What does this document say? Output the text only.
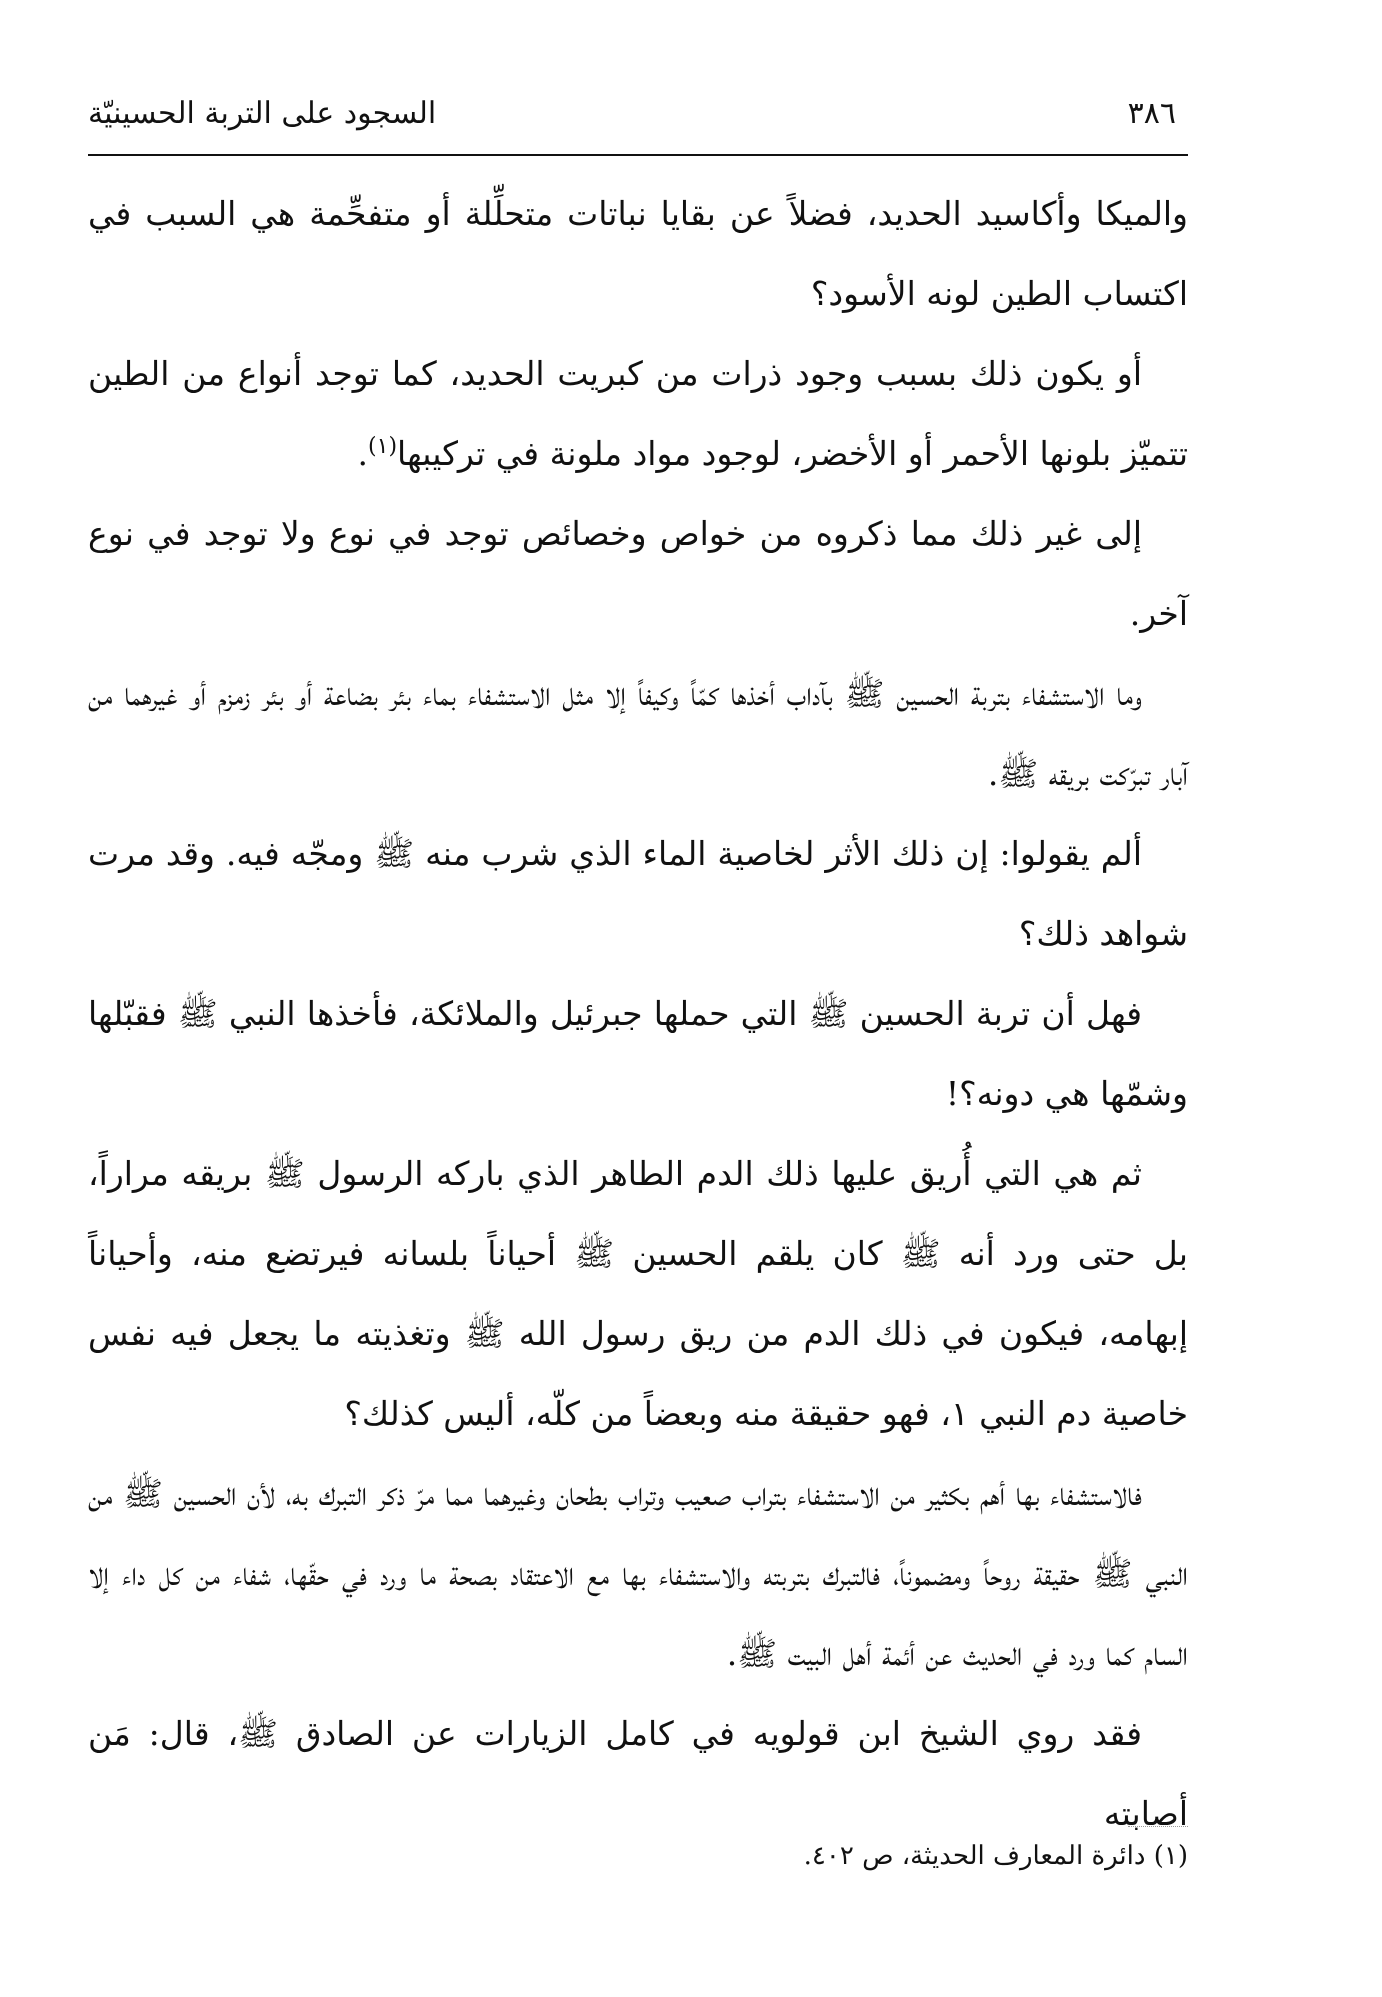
٣٨٦
السجود على التربة الحسينيّة

والميكا وأكاسيد الحديد، فضلاً عن بقايا نباتات متحلِّلة أو متفحِّمة هي السبب في اكتساب الطين لونه الأسود؟

أو يكون ذلك بسبب وجود ذرات من كبريت الحديد، كما توجد أنواع من الطين تتميّز بلونها الأحمر أو الأخضر، لوجود مواد ملونة في تركيبها$^{(١)}$.

إلى غير ذلك مما ذكروه من خواص وخصائص توجد في نوع ولا توجد في نوع آخر.

وما الاستشفاء بتربة الحسين ﷺ بآداب أخذها كمّاً وكيفاً إلا مثل الاستشفاء بماء بئر بضاعة أو بئر زمزم أو غيرهما من آبار تبرّكت بريقه ﷺ.

ألم يقولوا: إن ذلك الأثر لخاصية الماء الذي شرب منه ﷺ ومجّه فيه. وقد مرت شواهد ذلك؟

فهل أن تربة الحسين ﷺ التي حملها جبرئيل والملائكة، فأخذها النبي ﷺ فقبّلها وشمّها هي دونه؟!

ثم هي التي أُريق عليها ذلك الدم الطاهر الذي باركه الرسول ﷺ بريقه مراراً، بل حتى ورد أنه ﷺ كان يلقم الحسين ﷺ أحياناً بلسانه فيرتضع منه، وأحياناً إبهامه، فيكون في ذلك الدم من ريق رسول الله ﷺ وتغذيته ما يجعل فيه نفس خاصية دم النبي ١، فهو حقيقة منه وبعضاً من كلّه، أليس كذلك؟

فالاستشفاء بها أهم بكثير من الاستشفاء بتراب صعيب وتراب بطحان وغيرهما مما مرّ ذكر التبرك به، لأن الحسين ﷺ من النبي ﷺ حقيقة روحاً ومضموناً، فالتبرك بتربته والاستشفاء بها مع الاعتقاد بصحة ما ورد في حقّها، شفاء من كل داء إلا السام كما ورد في الحديث عن أئمة أهل البيت ﷺ.

فقد روي الشيخ ابن قولويه في كامل الزيارات عن الصادق ﷺ، قال: مَن أصابته

(١) دائرة المعارف الحديثة، ص ٤٠٢.
